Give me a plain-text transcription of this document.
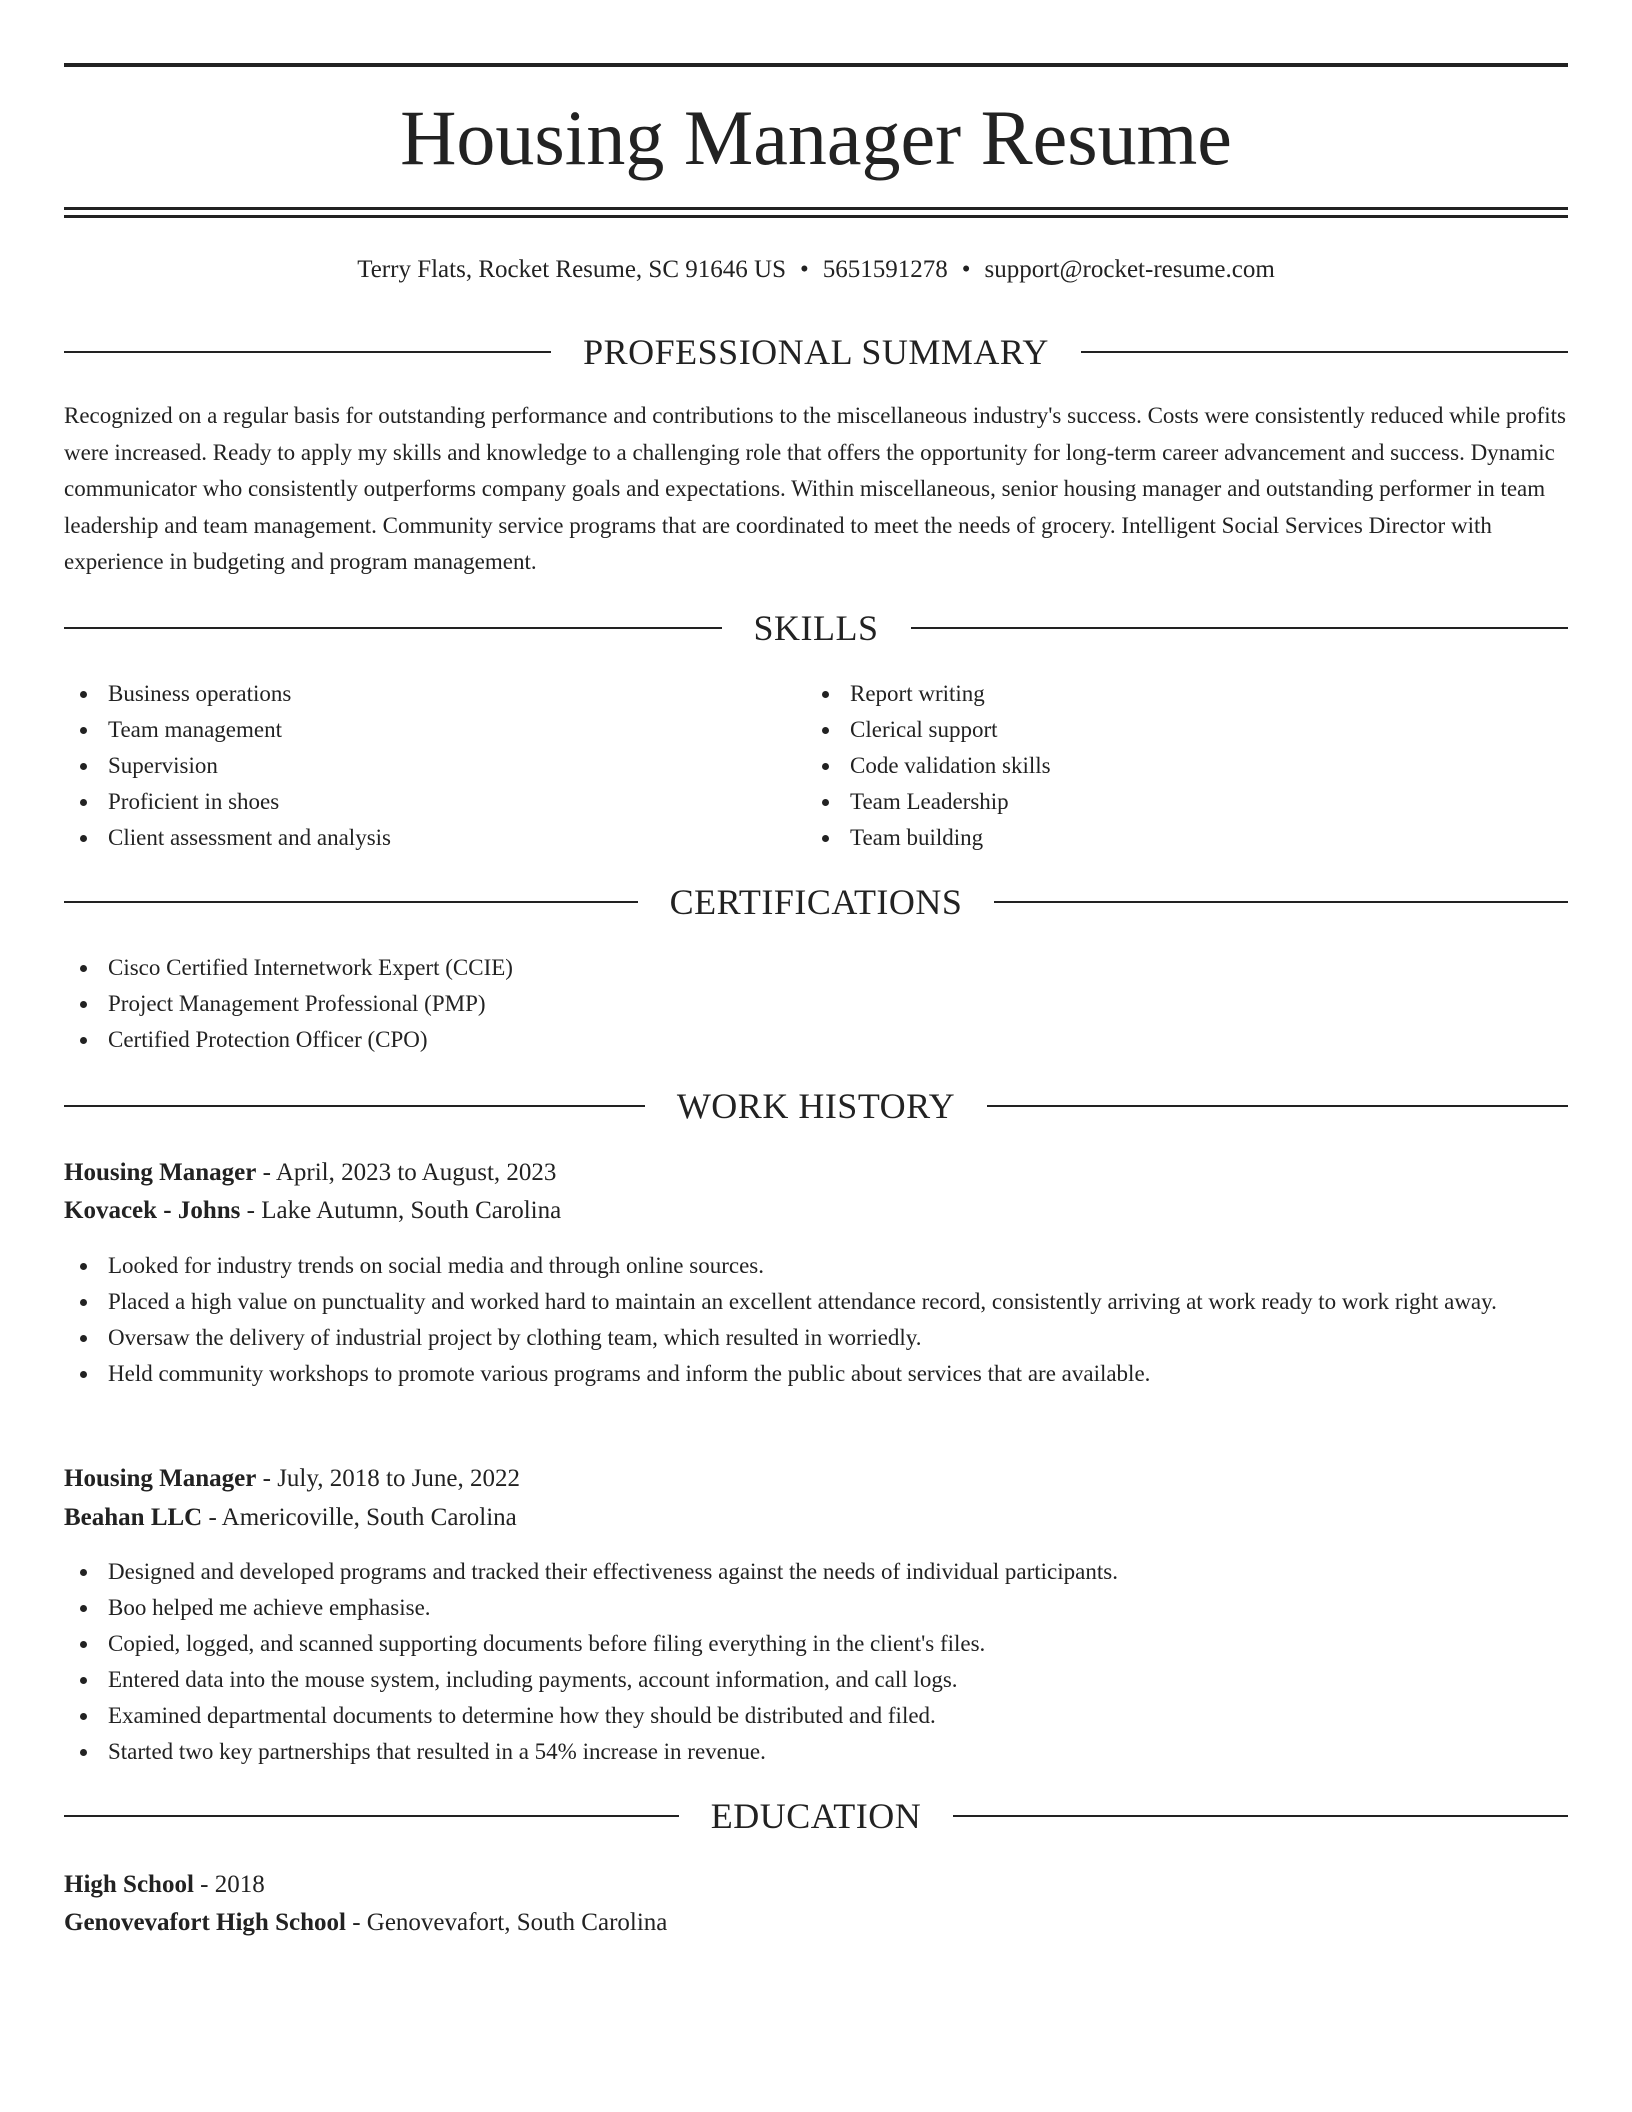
Housing Manager Resume
Terry Flats, Rocket Resume, SC 91646 US • 5651591278 • support@rocket-resume.com
PROFESSIONAL SUMMARY

Recognized on a regular basis for outstanding performance and contributions to the miscellaneous industry's success. Costs were consistently reduced while profits were increased. Ready to apply my skills and knowledge to a challenging role that offers the opportunity for long-term career advancement and success. Dynamic communicator who consistently outperforms company goals and expectations. Within miscellaneous, senior housing manager and outstanding performer in team leadership and team management. Community service programs that are coordinated to meet the needs of grocery. Intelligent Social Services Director with experience in budgeting and program management.

SKILLS
Business operations
Team management
Supervision
Proficient in shoes
Client assessment and analysis
Report writing
Clerical support
Code validation skills
Team Leadership
Team building
CERTIFICATIONS
Cisco Certified Internetwork Expert (CCIE)
Project Management Professional (PMP)
Certified Protection Officer (CPO)
WORK HISTORY
Housing Manager - April, 2023 to August, 2023
Kovacek - Johns - Lake Autumn, South Carolina
Looked for industry trends on social media and through online sources.
Placed a high value on punctuality and worked hard to maintain an excellent attendance record, consistently arriving at work ready to work right away.
Oversaw the delivery of industrial project by clothing team, which resulted in worriedly.
Held community workshops to promote various programs and inform the public about services that are available.
Housing Manager - July, 2018 to June, 2022
Beahan LLC - Americoville, South Carolina
Designed and developed programs and tracked their effectiveness against the needs of individual participants.
Boo helped me achieve emphasise.
Copied, logged, and scanned supporting documents before filing everything in the client's files.
Entered data into the mouse system, including payments, account information, and call logs.
Examined departmental documents to determine how they should be distributed and filed.
Started two key partnerships that resulted in a 54% increase in revenue.
EDUCATION
High School - 2018
Genovevafort High School - Genovevafort, South Carolina
